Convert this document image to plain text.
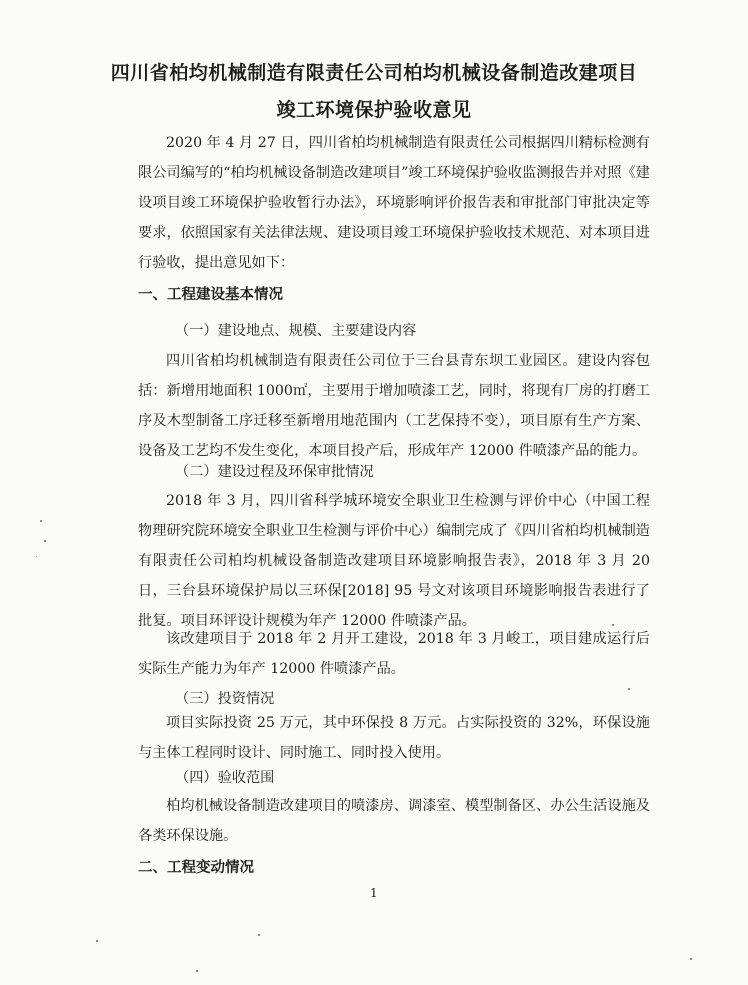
四川省柏均机械制造有限责任公司柏均机械设备制造改建项目
竣工环境保护验收意见

2020 年 4 月 27 日，四川省柏均机械制造有限责任公司根据四川精标检测有限公司编写的“柏均机械设备制造改建项目”竣工环境保护验收监测报告并对照《建设项目竣工环境保护验收暂行办法》，环境影响评价报告表和审批部门审批决定等要求，依照国家有关法律法规、建设项目竣工环境保护验收技术规范、对本项目进行验收，提出意见如下：

一、工程建设基本情况
（一）建设地点、规模、主要建设内容

四川省柏均机械制造有限责任公司位于三台县青东坝工业园区。建设内容包括：新增用地面积 1000㎡，主要用于增加喷漆工艺，同时，将现有厂房的打磨工序及木型制备工序迁移至新增用地范围内（工艺保持不变），项目原有生产方案、设备及工艺均不发生变化，本项目投产后，形成年产 12000 件喷漆产品的能力。

（二）建设过程及环保审批情况

2018 年 3 月，四川省科学城环境安全职业卫生检测与评价中心（中国工程物理研究院环境安全职业卫生检测与评价中心）编制完成了《四川省柏均机械制造有限责任公司柏均机械设备制造改建项目环境影响报告表》，2018 年 3 月 20 日，三台县环境保护局以三环保[2018] 95 号文对该项目环境影响报告表进行了批复。项目环评设计规模为年产 12000 件喷漆产品。

该改建项目于 2018 年 2 月开工建设，2018 年 3 月峻工，项目建成运行后实际生产能力为年产 12000 件喷漆产品。

（三）投资情况

项目实际投资 25 万元，其中环保投 8 万元。占实际投资的 32%，环保设施与主体工程同时设计、同时施工、同时投入使用。

（四）验收范围

柏均机械设备制造改建项目的喷漆房、调漆室、模型制备区、办公生活设施及各类环保设施。

二、工程变动情况
1
